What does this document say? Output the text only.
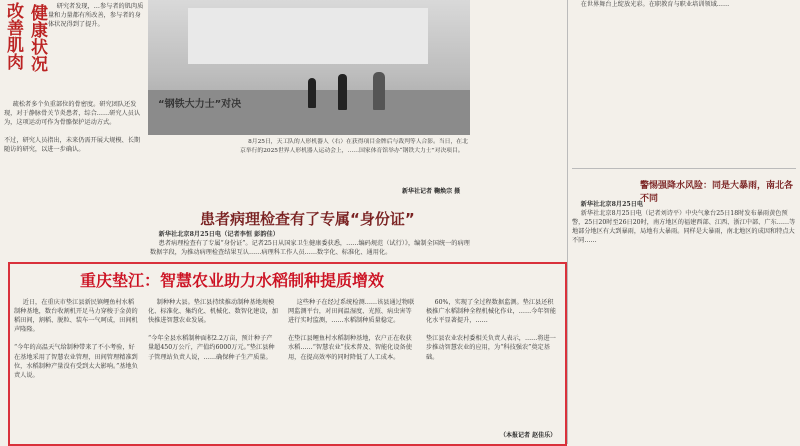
改善肌肉 健康状况	研究者发现，…参与者的肌肉质量和力量都有所改善，参与者的身体状况得到了提升。

疏松者多个负重部位的骨密度。研究团队还发现，对于静脉骨关节炎患者，综合……研究人员认为，这项运动可作为骨骼保护运动方式。

不过，研究人员指出，未来仍需开展大规模、长期随访的研究，以进一步确认。

“钢铁大力士”对决

8月25日，天工队的人形机器人（右）在获得项目金牌后与裁判等人合影。当日，在北京举行的2025世界人形机器人运动会上，……国家体育馆举办“钢铁大力士”对决项目。

新华社记者 鞠焕宗 摄
患者病理检查有了专属“身份证”

新华社北京8月25日电（记者李恒 彭韵佳）

患者病理检查有了专属“身份证”。记者25日从国家卫生健康委获悉，……编码规范（试行）》，编制全国统一的病理数据字段，为推动病理检查结果互认……病理科工作人员……数字化、标准化、通用化。

在世界舞台上绽放光彩。在职教育与职业培训领域……

警惕强降水风险：同是大暴雨，南北各不同

新华社北京8月25日电

新华社北京8月25日电（记者刘诗平）中央气象台25日18时发布暴雨黄色预警，25日20时至26日20时，南方地区的福建西部、江西、浙江中部、广东……等地部分地区有大到暴雨，局地有大暴雨。同样是大暴雨，南北地区的成因和特点大不同……

重庆垫江：智慧农业助力水稻制种提质增效

近日，在重庆市垫江县新民镇鲤鱼村水稻制种基地，数台收割机开足马力穿梭于金黄的稻田间，割稻、脱粒、装车一气呵成，田间机声隆隆。

“今年的高温天气给制种带来了不小考验，好在基地采用了智慧农业管理，田间管理精准到位，水稻制种产量没有受到太大影响。”基地负责人说。

制种种大县。垫江县持续推动制种基地规模化、标准化、集约化、机械化、数智化建设，加快推进智慧农业发展。

“今年全县水稻制种面积2.2万亩，预计种子产量超450万公斤，产值约6000万元。”垫江县种子管理站负责人说，……确保种子生产质量。

这些种子在经过系统检测……该县通过物联网监测平台，对田间温湿度、光照、病虫害等进行实时监测，……水稻制种质量稳定。

在垫江县鲤鱼村水稻制种基地，农户正在收获水稻……“智慧农业”技术普及、智能化设备使用，在提高效率的同时降低了人工成本。

60%，实现了全过程数据监测。垫江县还积极推广水稻制种全程机械化作业，……今年智能化水平显著提升，……

垫江县农业农村委相关负责人表示，……将进一步推动智慧农业的应用，为“科技强农”奠定基础。

（本报记者 赵佳乐）
